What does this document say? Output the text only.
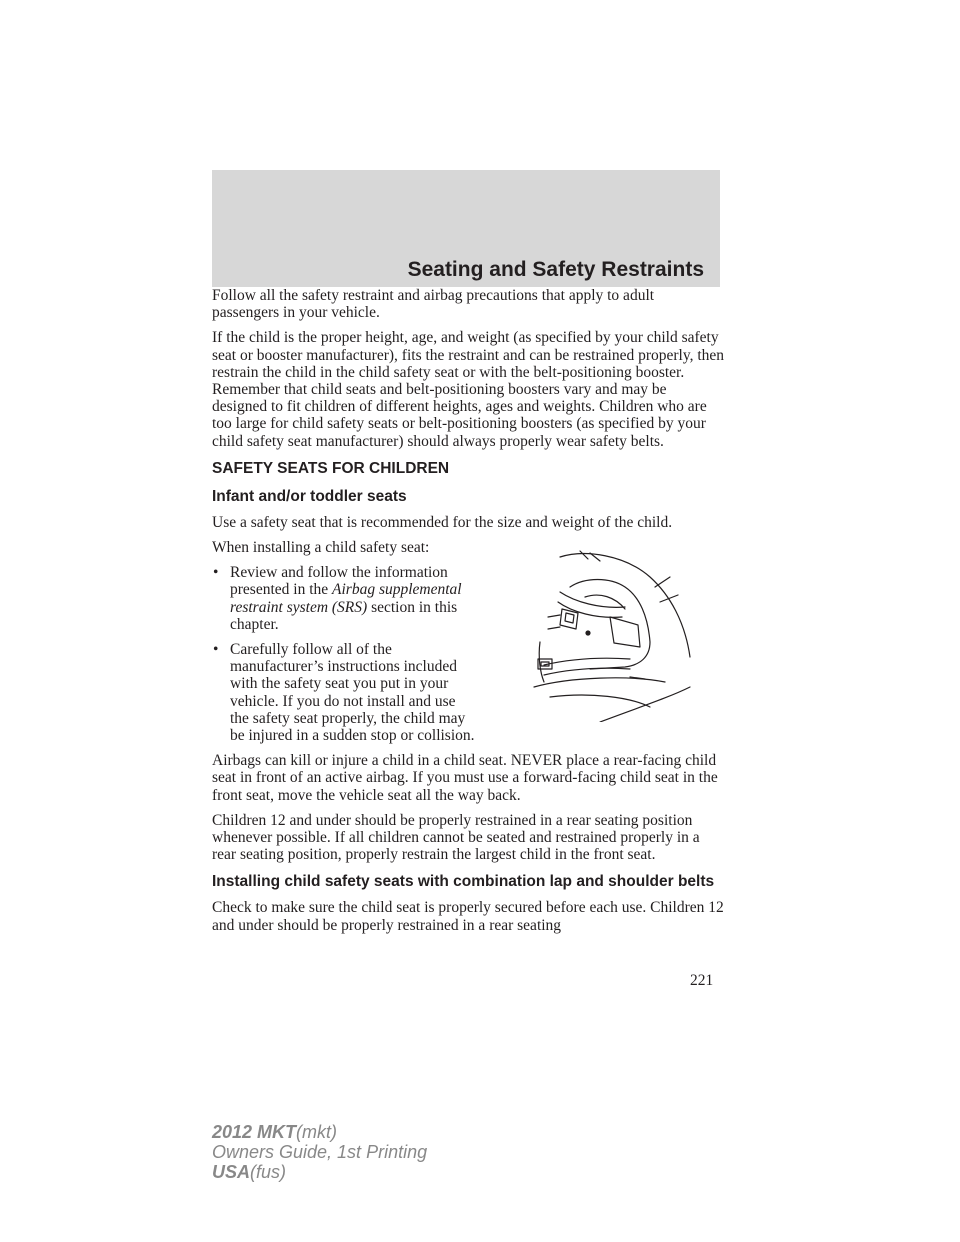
Seating and Safety Restraints

Follow all the safety restraint and airbag precautions that apply to adult passengers in your vehicle.

If the child is the proper height, age, and weight (as specified by your child safety seat or booster manufacturer), fits the restraint and can be restrained properly, then restrain the child in the child safety seat or with the belt-positioning booster. Remember that child seats and belt-positioning boosters vary and may be designed to fit children of different heights, ages and weights. Children who are too large for child safety seats or belt-positioning boosters (as specified by your child safety seat manufacturer) should always properly wear safety belts.

SAFETY SEATS FOR CHILDREN
Infant and/or toddler seats

Use a safety seat that is recommended for the size and weight of the child.

When installing a child safety seat:

• Review and follow the information presented in the Airbag supplemental restraint system (SRS) section in this chapter.
• Carefully follow all of the manufacturer’s instructions included with the safety seat you put in your vehicle. If you do not install and use the safety seat properly, the child may be injured in a sudden stop or collision.

Airbags can kill or injure a child in a child seat. NEVER place a rear-facing child seat in front of an active airbag. If you must use a forward-facing child seat in the front seat, move the vehicle seat all the way back.

Children 12 and under should be properly restrained in a rear seating position whenever possible. If all children cannot be seated and restrained properly in a rear seating position, properly restrain the largest child in the front seat.

Installing child safety seats with combination lap and shoulder belts

Check to make sure the child seat is properly secured before each use. Children 12 and under should be properly restrained in a rear seating

221
2012 MKT(mkt)
Owners Guide, 1st Printing
USA(fus)
